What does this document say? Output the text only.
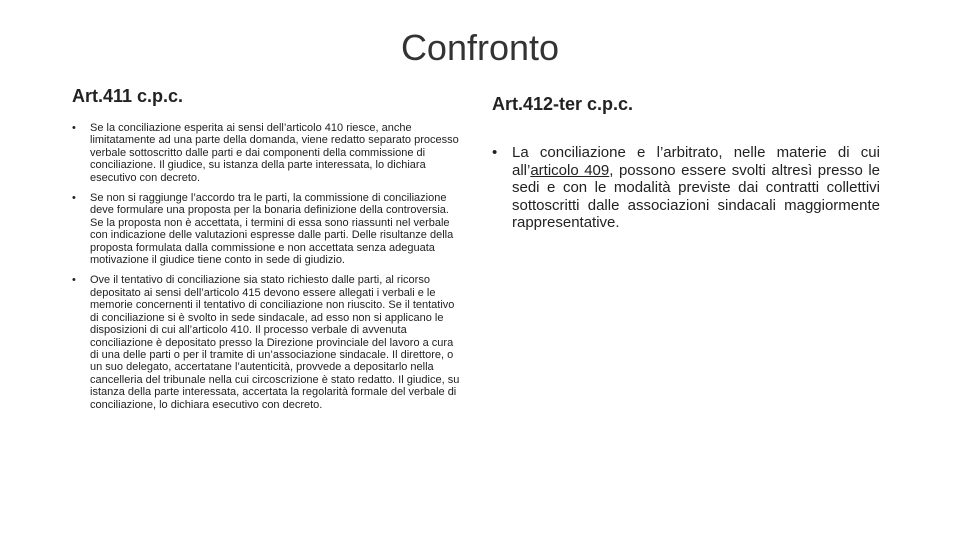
Confronto
Art.411 c.p.c.
• Se la conciliazione esperita ai sensi dell’articolo 410 riesce, anche limitatamente ad una parte della domanda, viene redatto separato processo verbale sottoscritto dalle parti e dai componenti della commissione di conciliazione. Il giudice, su istanza della parte interessata, lo dichiara esecutivo con decreto.
• Se non si raggiunge l’accordo tra le parti, la commissione di conciliazione deve formulare una proposta per la bonaria definizione della controversia. Se la proposta non è accettata, i termini di essa sono riassunti nel verbale con indicazione delle valutazioni espresse dalle parti. Delle risultanze della proposta formulata dalla commissione e non accettata senza adeguata motivazione il giudice tiene conto in sede di giudizio.
• Ove il tentativo di conciliazione sia stato richiesto dalle parti, al ricorso depositato ai sensi dell’articolo 415 devono essere allegati i verbali e le memorie concernenti il tentativo di conciliazione non riuscito. Se il tentativo di conciliazione si è svolto in sede sindacale, ad esso non si applicano le disposizioni di cui all’articolo 410. Il processo verbale di avvenuta conciliazione è depositato presso la Direzione provinciale del lavoro a cura di una delle parti o per il tramite di un’associazione sindacale. Il direttore, o un suo delegato, accertatane l’autenticità, provvede a depositarlo nella cancelleria del tribunale nella cui circoscrizione è stato redatto. Il giudice, su istanza della parte interessata, accertata la regolarità formale del verbale di conciliazione, lo dichiara esecutivo con decreto.
Art.412-ter c.p.c.
• La conciliazione e l’arbitrato, nelle materie di cui all’articolo 409, possono essere svolti altresì presso le sedi e con le modalità previste dai contratti collettivi sottoscritti dalle associazioni sindacali maggiormente rappresentative.
